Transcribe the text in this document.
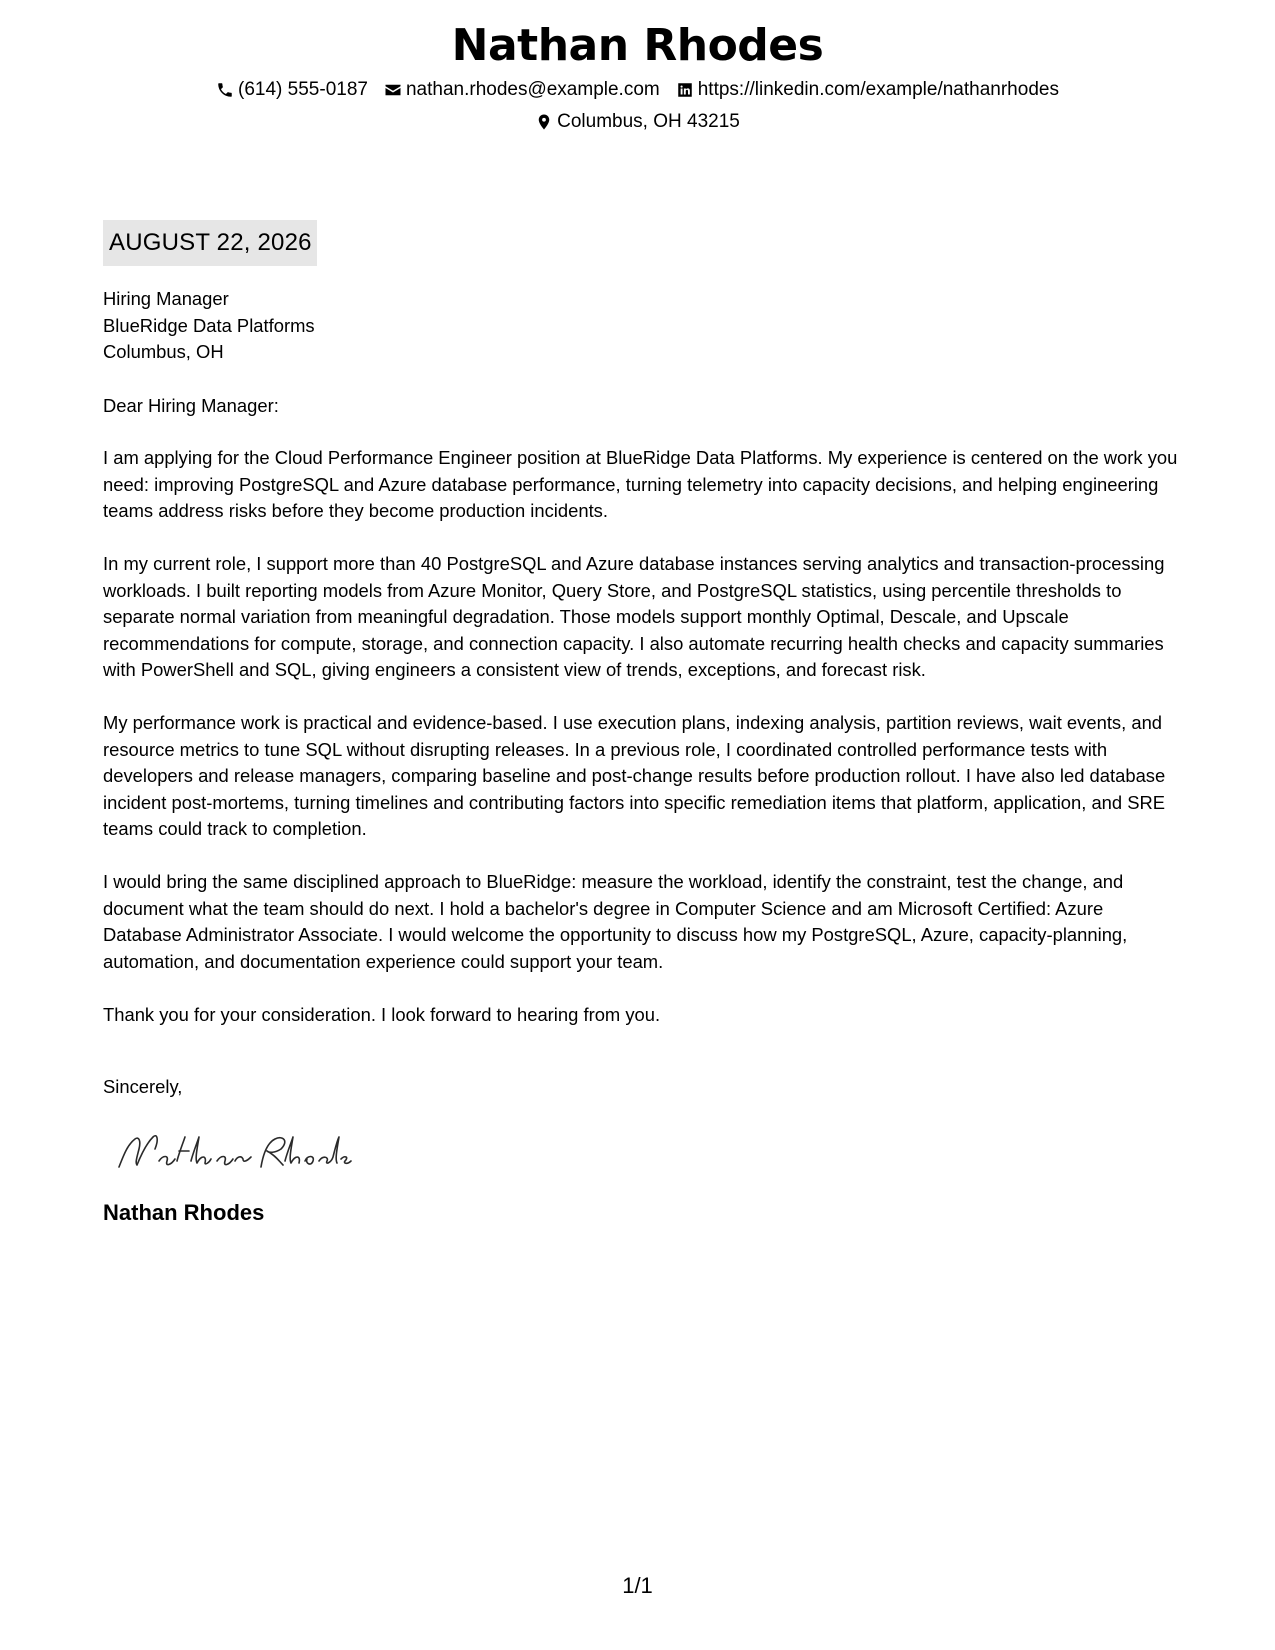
Nathan Rhodes
(614) 555-0187 nathan.rhodes@example.com https://linkedin.com/example/nathanrhodes
Columbus, OH 43215
AUGUST 22, 2026

Hiring Manager

BlueRidge Data Platforms

Columbus, OH

Dear Hiring Manager:

I am applying for the Cloud Performance Engineer position at BlueRidge Data Platforms. My experience is centered on the work you need: improving PostgreSQL and Azure database performance, turning telemetry into capacity decisions, and helping engineering teams address risks before they become production incidents.

In my current role, I support more than 40 PostgreSQL and Azure database instances serving analytics and transaction-processing workloads. I built reporting models from Azure Monitor, Query Store, and PostgreSQL statistics, using percentile thresholds to separate normal variation from meaningful degradation. Those models support monthly Optimal, Descale, and Upscale recommendations for compute, storage, and connection capacity. I also automate recurring health checks and capacity summaries with PowerShell and SQL, giving engineers a consistent view of trends, exceptions, and forecast risk.

My performance work is practical and evidence-based. I use execution plans, indexing analysis, partition reviews, wait events, and resource metrics to tune SQL without disrupting releases. In a previous role, I coordinated controlled performance tests with developers and release managers, comparing baseline and post-change results before production rollout. I have also led database incident post-mortems, turning timelines and contributing factors into specific remediation items that platform, application, and SRE teams could track to completion.

I would bring the same disciplined approach to BlueRidge: measure the workload, identify the constraint, test the change, and document what the team should do next. I hold a bachelor's degree in Computer Science and am Microsoft Certified: Azure Database Administrator Associate. I would welcome the opportunity to discuss how my PostgreSQL, Azure, capacity-planning, automation, and documentation experience could support your team.

Thank you for your consideration. I look forward to hearing from you.

Sincerely,

Nathan Rhodes
1/1
